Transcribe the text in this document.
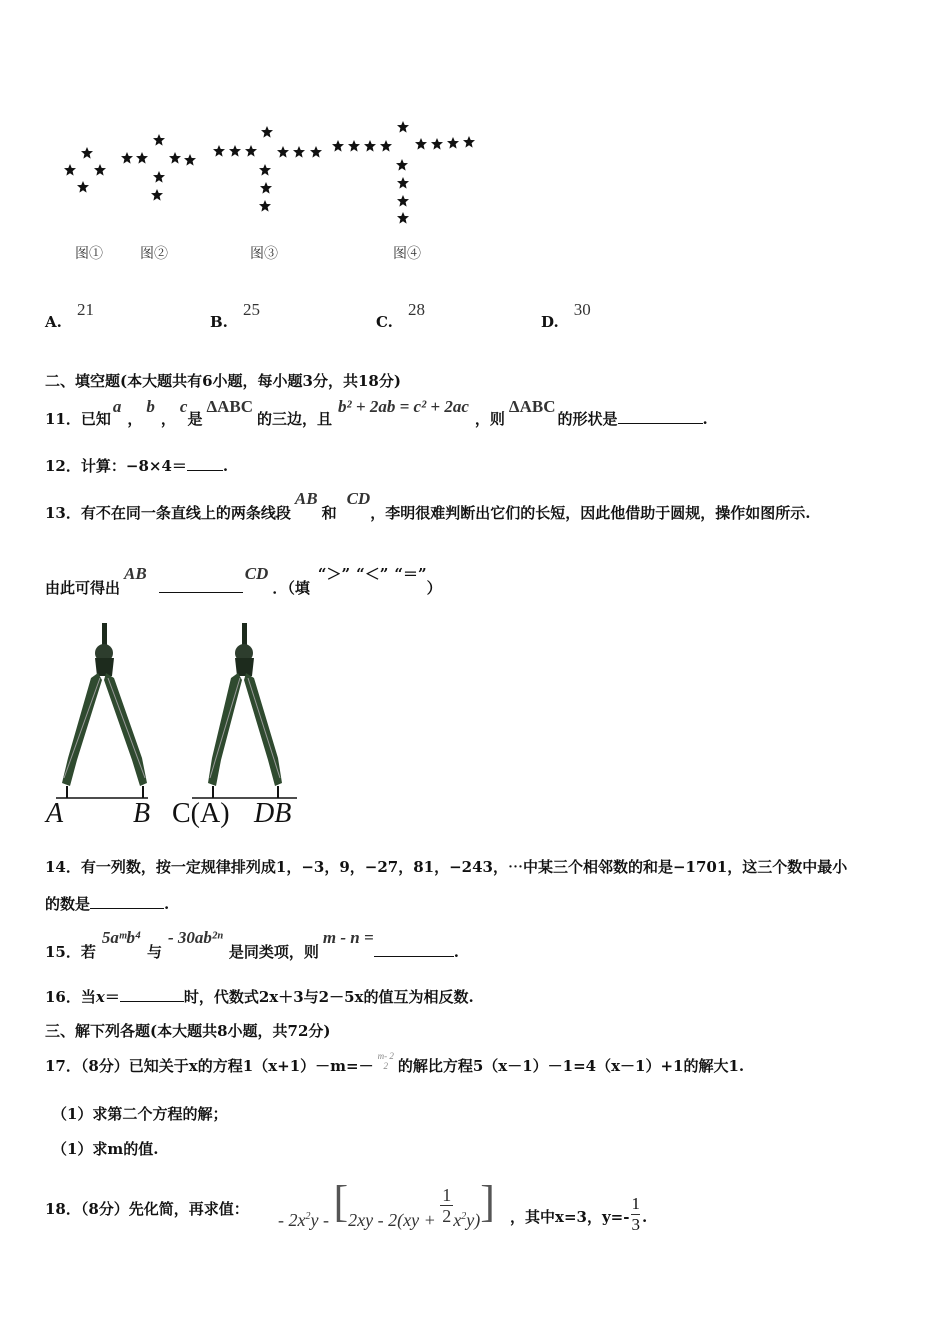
图①	图②	图③	图④
A. 21
B. 25
C. 28
D. 30
二、填空题(本大题共有6小题，每小题3分，共18分)
11．已知a，b，c是ΔABC的三边，且b² + 2ab = c² + 2ac，则ΔABC的形状是	.
12．计算：−8×4＝ .
13．有不在同一条直线上的两条线段AB和CD，李明很难判断出它们的长短，因此他借助于圆规，操作如图所示.
由此可得出AB	CD．（填“＞” “＜” “＝”）
A B C(A) DB
14．有一列数，按一定规律排列成1，−3，9，−27，81，−243，⋯中某三个相邻数的和是−1701，这三个数中最小
的数是	.
15．若5aᵐb⁴与- 30ab²ⁿ是同类项，则m - n =.
16．当x＝	时，代数式2x＋3与2－5x的值互为相反数.
三、解下列各题(本大题共8小题，共72分)
17．（8分）已知关于x的方程1（x+1）－m=－
m- 2
2 的解比方程5（x－1）－1=4（x－1）+1的解大1.
（1）求第二个方程的解；
（1）求m的值.
18．（8分）先化简，再求值：
- $2x^2y - [2xy - 2(xy + \frac{1}{2} x^2y)]$ ，其中x=3，$y=- \frac{1}{3}$ .
